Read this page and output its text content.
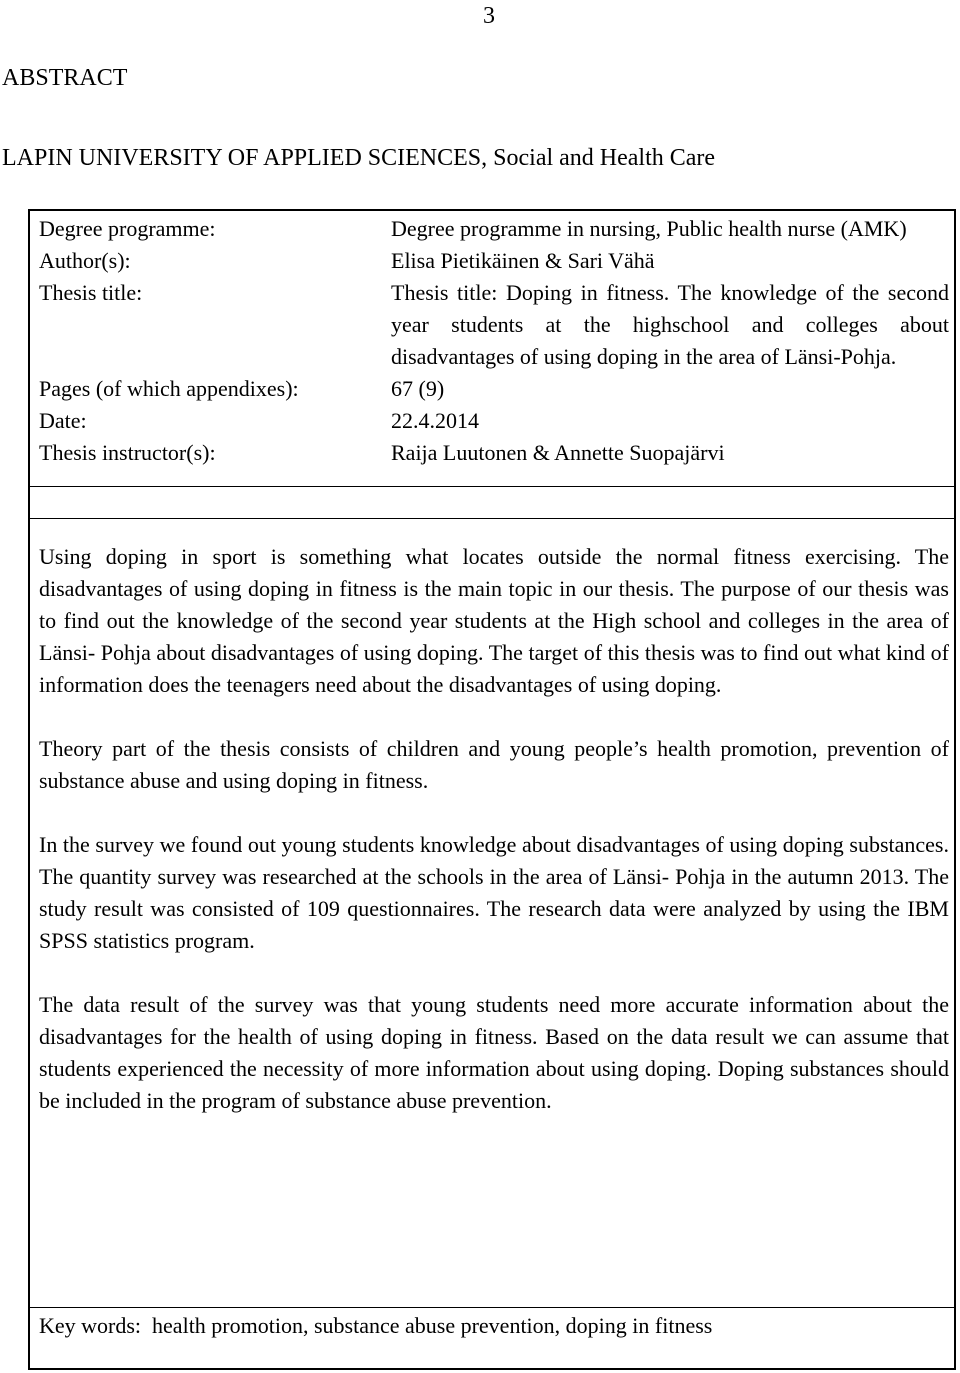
3
ABSTRACT
LAPIN UNIVERSITY OF APPLIED SCIENCES, Social and Health Care
Degree programme:	Degree programme in nursing, Public health nurse (AMK)
Author(s):	Elisa Pietikäinen & Sari Vähä
Thesis title:	Thesis title: Doping in fitness. The knowledge of the second year students at the highschool and colleges about disadvantages of using doping in the area of Länsi-Pohja.
Pages (of which appendixes):	67 (9)
Date:	22.4.2014
Thesis instructor(s):	Raija Luutonen & Annette Suopajärvi

Using doping in sport is something what locates outside the normal fitness exercising. The disadvantages of using doping in fitness is the main topic in our thesis. The purpose of our thesis was to find out the knowledge of the second year students at the High school and colleges in the area of Länsi- Pohja about disadvantages of using doping. The target of this thesis was to find out what kind of information does the teenagers need about the disadvantages of using doping.

Theory part of the thesis consists of children and young people’s health promotion, prevention of substance abuse and using doping in fitness.

In the survey we found out young students knowledge about disadvantages of using doping substances. The quantity survey was researched at the schools in the area of Länsi- Pohja in the autumn 2013. The study result was consisted of 109 questionnaires. The research data were analyzed by using the IBM SPSS statistics program.

The data result of the survey was that young students need more accurate information about the disadvantages for the health of using doping in fitness. Based on the data result we can assume that students experienced the necessity of more information about using doping. Doping substances should be included in the program of substance abuse prevention.

Key words: health promotion, substance abuse prevention, doping in fitness
